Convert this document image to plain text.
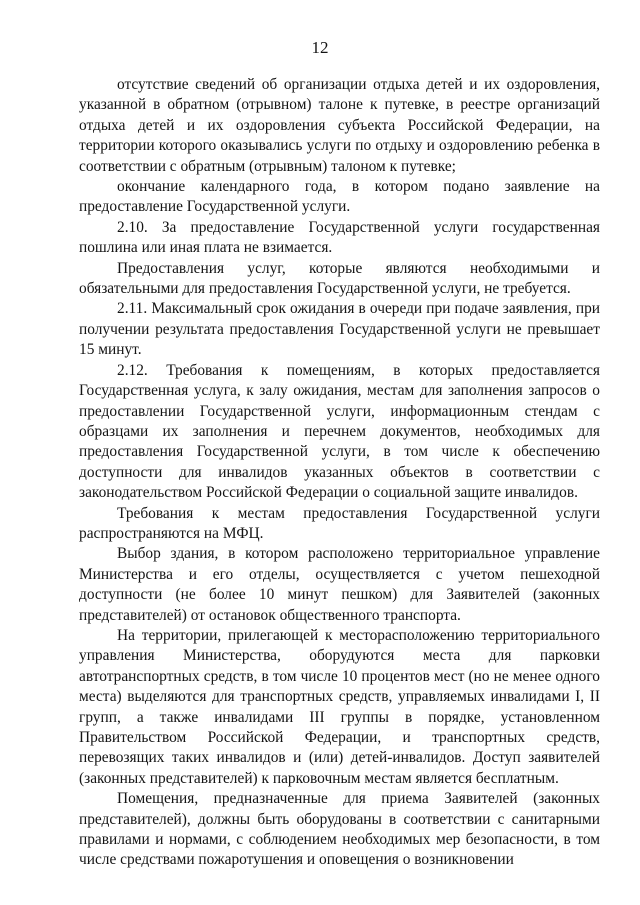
12

отсутствие сведений об организации отдыха детей и их оздоровления, указанной в обратном (отрывном) талоне к путевке, в реестре организаций отдыха детей и их оздоровления субъекта Российской Федерации, на территории которого оказывались услуги по отдыху и оздоровлению ребенка в соответствии с обратным (отрывным) талоном к путевке;

окончание календарного года, в котором подано заявление на предоставление Государственной услуги.

2.10. За предоставление Государственной услуги государственная пошлина или иная плата не взимается.

Предоставления услуг, которые являются необходимыми и обязательными для предоставления Государственной услуги, не требуется.

2.11. Максимальный срок ожидания в очереди при подаче заявления, при получении результата предоставления Государственной услуги не превышает 15 минут.

2.12. Требования к помещениям, в которых предоставляется Государственная услуга, к залу ожидания, местам для заполнения запросов о предоставлении Государственной услуги, информационным стендам с образцами их заполнения и перечнем документов, необходимых для предоставления Государственной услуги, в том числе к обеспечению доступности для инвалидов указанных объектов в соответствии с законодательством Российской Федерации о социальной защите инвалидов.

Требования к местам предоставления Государственной услуги распространяются на МФЦ.

Выбор здания, в котором расположено территориальное управление Министерства и его отделы, осуществляется с учетом пешеходной доступности (не более 10 минут пешком) для Заявителей (законных представителей) от остановок общественного транспорта.

На территории, прилегающей к месторасположению территориального управления Министерства, оборудуются места для парковки автотранспортных средств, в том числе 10 процентов мест (но не менее одного места) выделяются для транспортных средств, управляемых инвалидами I, II групп, а также инвалидами III группы в порядке, установленном Правительством Российской Федерации, и транспортных средств, перевозящих таких инвалидов и (или) детей-инвалидов. Доступ заявителей (законных представителей) к парковочным местам является бесплатным.

Помещения, предназначенные для приема Заявителей (законных представителей), должны быть оборудованы в соответствии с санитарными правилами и нормами, с соблюдением необходимых мер безопасности, в том числе средствами пожаротушения и оповещения о возникновении
